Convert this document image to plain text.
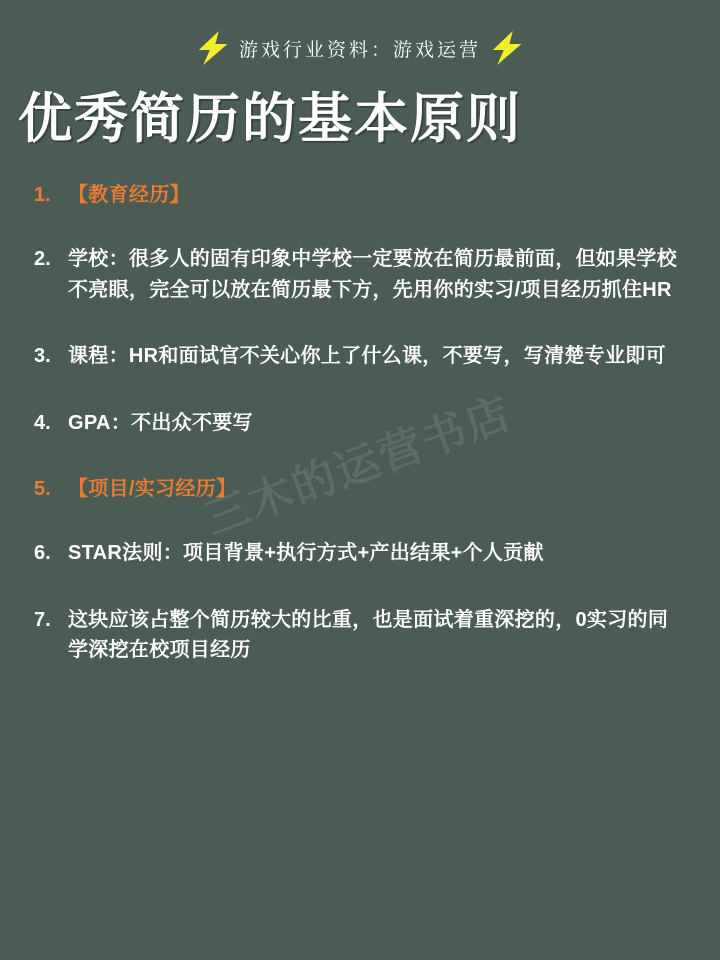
游戏行业资料：游戏运营
优秀简历的基本原则
三木的运营书店
1. 【教育经历】
2. 学校：很多人的固有印象中学校一定要放在简历最前面，但如果学校不亮眼，完全可以放在简历最下方，先用你的实习/项目经历抓住HR
3. 课程：HR和面试官不关心你上了什么课，不要写，写清楚专业即可
4. GPA：不出众不要写
5. 【项目/实习经历】
6. STAR法则：项目背景+执行方式+产出结果+个人贡献
7. 这块应该占整个简历较大的比重，也是面试着重深挖的，0实习的同学深挖在校项目经历
